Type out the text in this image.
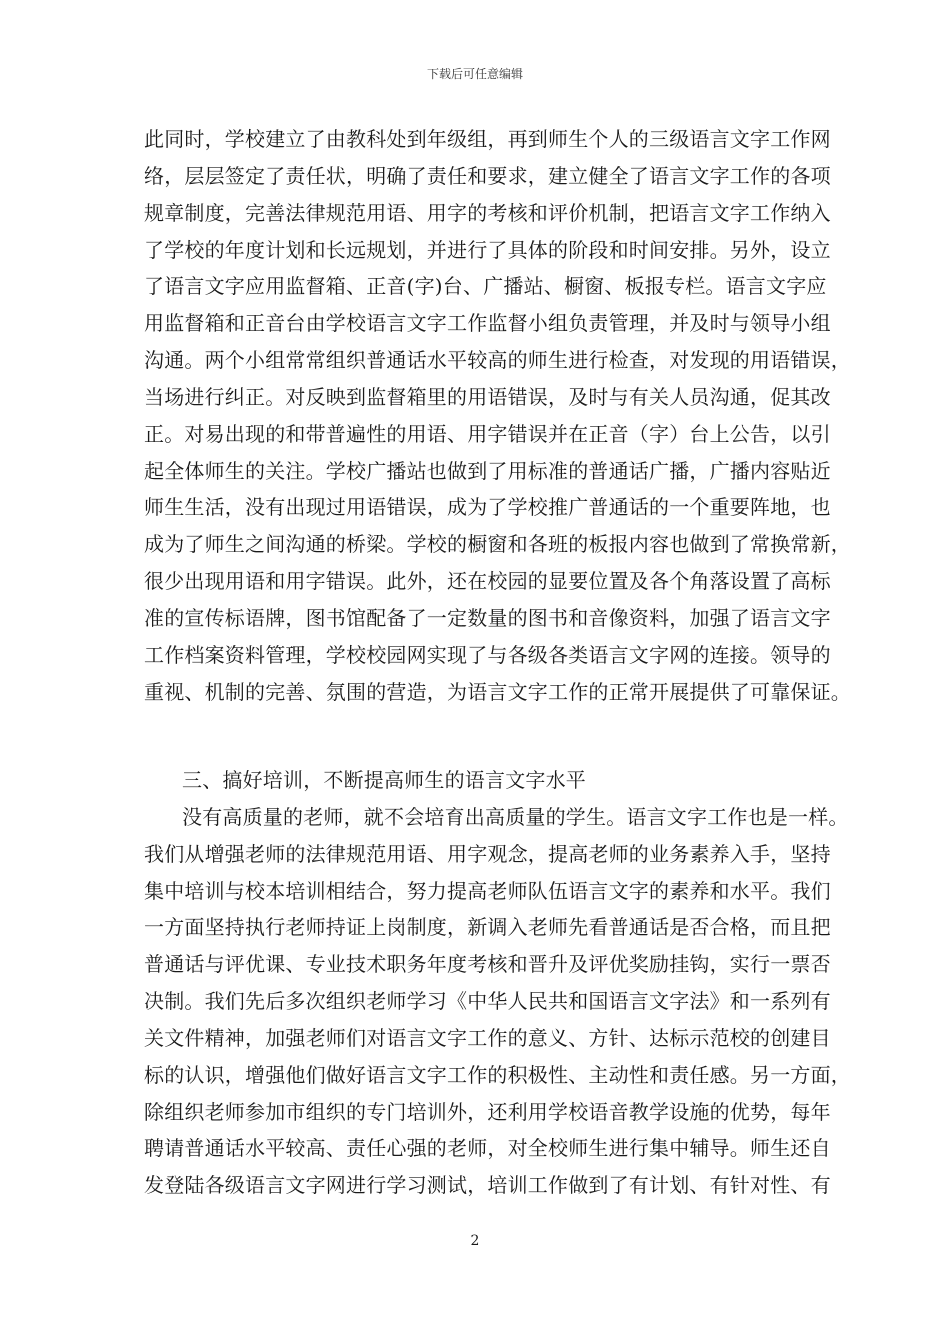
下载后可任意编辑
此同时，学校建立了由教科处到年级组，再到师生个人的三级语言文字工作网
络，层层签定了责任状，明确了责任和要求，建立健全了语言文字工作的各项
规章制度，完善法律规范用语、用字的考核和评价机制，把语言文字工作纳入
了学校的年度计划和长远规划，并进行了具体的阶段和时间安排。另外，设立
了语言文字应用监督箱、正音(字)台、广播站、橱窗、板报专栏。语言文字应
用监督箱和正音台由学校语言文字工作监督小组负责管理，并及时与领导小组
沟通。两个小组常常组织普通话水平较高的师生进行检查，对发现的用语错误，
当场进行纠正。对反映到监督箱里的用语错误，及时与有关人员沟通，促其改
正。对易出现的和带普遍性的用语、用字错误并在正音（字）台上公告，以引
起全体师生的关注。学校广播站也做到了用标准的普通话广播，广播内容贴近
师生生活，没有出现过用语错误，成为了学校推广普通话的一个重要阵地，也
成为了师生之间沟通的桥梁。学校的橱窗和各班的板报内容也做到了常换常新，
很少出现用语和用字错误。此外，还在校园的显要位置及各个角落设置了高标
准的宣传标语牌，图书馆配备了一定数量的图书和音像资料，加强了语言文字
工作档案资料管理，学校校园网实现了与各级各类语言文字网的连接。领导的
重视、机制的完善、氛围的营造，为语言文字工作的正常开展提供了可靠保证。
三、搞好培训，不断提高师生的语言文字水平
没有高质量的老师，就不会培育出高质量的学生。语言文字工作也是一样。
我们从增强老师的法律规范用语、用字观念，提高老师的业务素养入手，坚持
集中培训与校本培训相结合，努力提高老师队伍语言文字的素养和水平。我们
一方面坚持执行老师持证上岗制度，新调入老师先看普通话是否合格，而且把
普通话与评优课、专业技术职务年度考核和晋升及评优奖励挂钩，实行一票否
决制。我们先后多次组织老师学习《中华人民共和国语言文字法》和一系列有
关文件精神，加强老师们对语言文字工作的意义、方针、达标示范校的创建目
标的认识，增强他们做好语言文字工作的积极性、主动性和责任感。另一方面，
除组织老师参加市组织的专门培训外，还利用学校语音教学设施的优势，每年
聘请普通话水平较高、责任心强的老师，对全校师生进行集中辅导。师生还自
发登陆各级语言文字网进行学习测试，培训工作做到了有计划、有针对性、有
2
